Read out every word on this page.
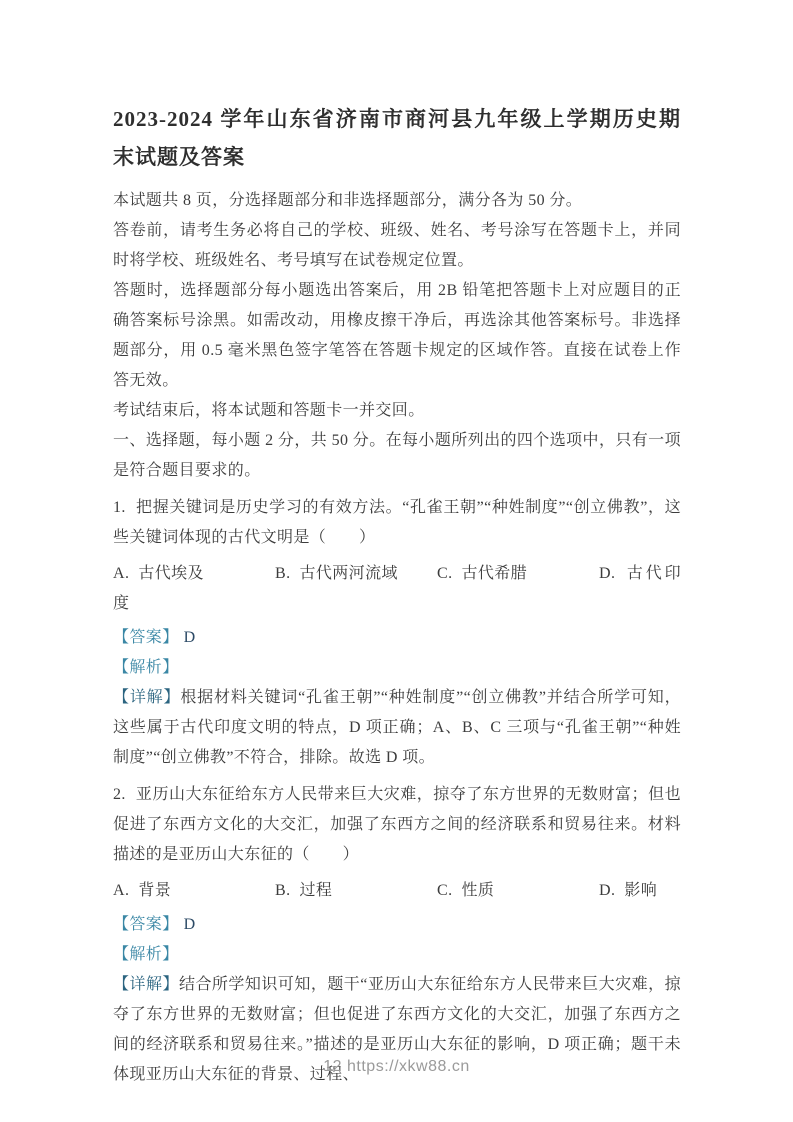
2023-2024 学年山东省济南市商河县九年级上学期历史期末试题及答案

本试题共 8 页，分选择题部分和非选择题部分，满分各为 50 分。

答卷前，请考生务必将自己的学校、班级、姓名、考号涂写在答题卡上，并同时将学校、班级姓名、考号填写在试卷规定位置。

答题时，选择题部分每小题选出答案后，用 2B 铅笔把答题卡上对应题目的正确答案标号涂黑。如需改动，用橡皮擦干净后，再选涂其他答案标号。非选择题部分，用 0.5 毫米黑色签字笔答在答题卡规定的区域作答。直接在试卷上作答无效。

考试结束后，将本试题和答题卡一并交回。

一、选择题，每小题 2 分，共 50 分。在每小题所列出的四个选项中，只有一项是符合题目要求的。

1. 把握关键词是历史学习的有效方法。“孔雀王朝”“种姓制度”“创立佛教”，这些关键词体现的古代文明是（　　）

A. 古代埃及	B. 古代两河流域 C. 古代希腊	D. 古代印度

【答案】 D

【解析】

【详解】根据材料关键词“孔雀王朝”“种姓制度”“创立佛教”并结合所学可知，这些属于古代印度文明的特点，D 项正确；A、B、C 三项与“孔雀王朝”“种姓制度”“创立佛教”不符合，排除。故选 D 项。

2. 亚历山大东征给东方人民带来巨大灾难，掠夺了东方世界的无数财富；但也促进了东西方文化的大交汇，加强了东西方之间的经济联系和贸易往来。材料描述的是亚历山大东征的（　　）

A. 背景	B. 过程	C. 性质	D. 影响

【答案】 D

【解析】

【详解】结合所学知识可知，题干“亚历山大东征给东方人民带来巨大灾难，掠夺了东方世界的无数财富；但也促进了东西方文化的大交汇，加强了东西方之间的经济联系和贸易往来。”描述的是亚历山大东征的影响，D 项正确；题干未体现亚历山大东征的背景、过程、

12 https://xkw88.cn
